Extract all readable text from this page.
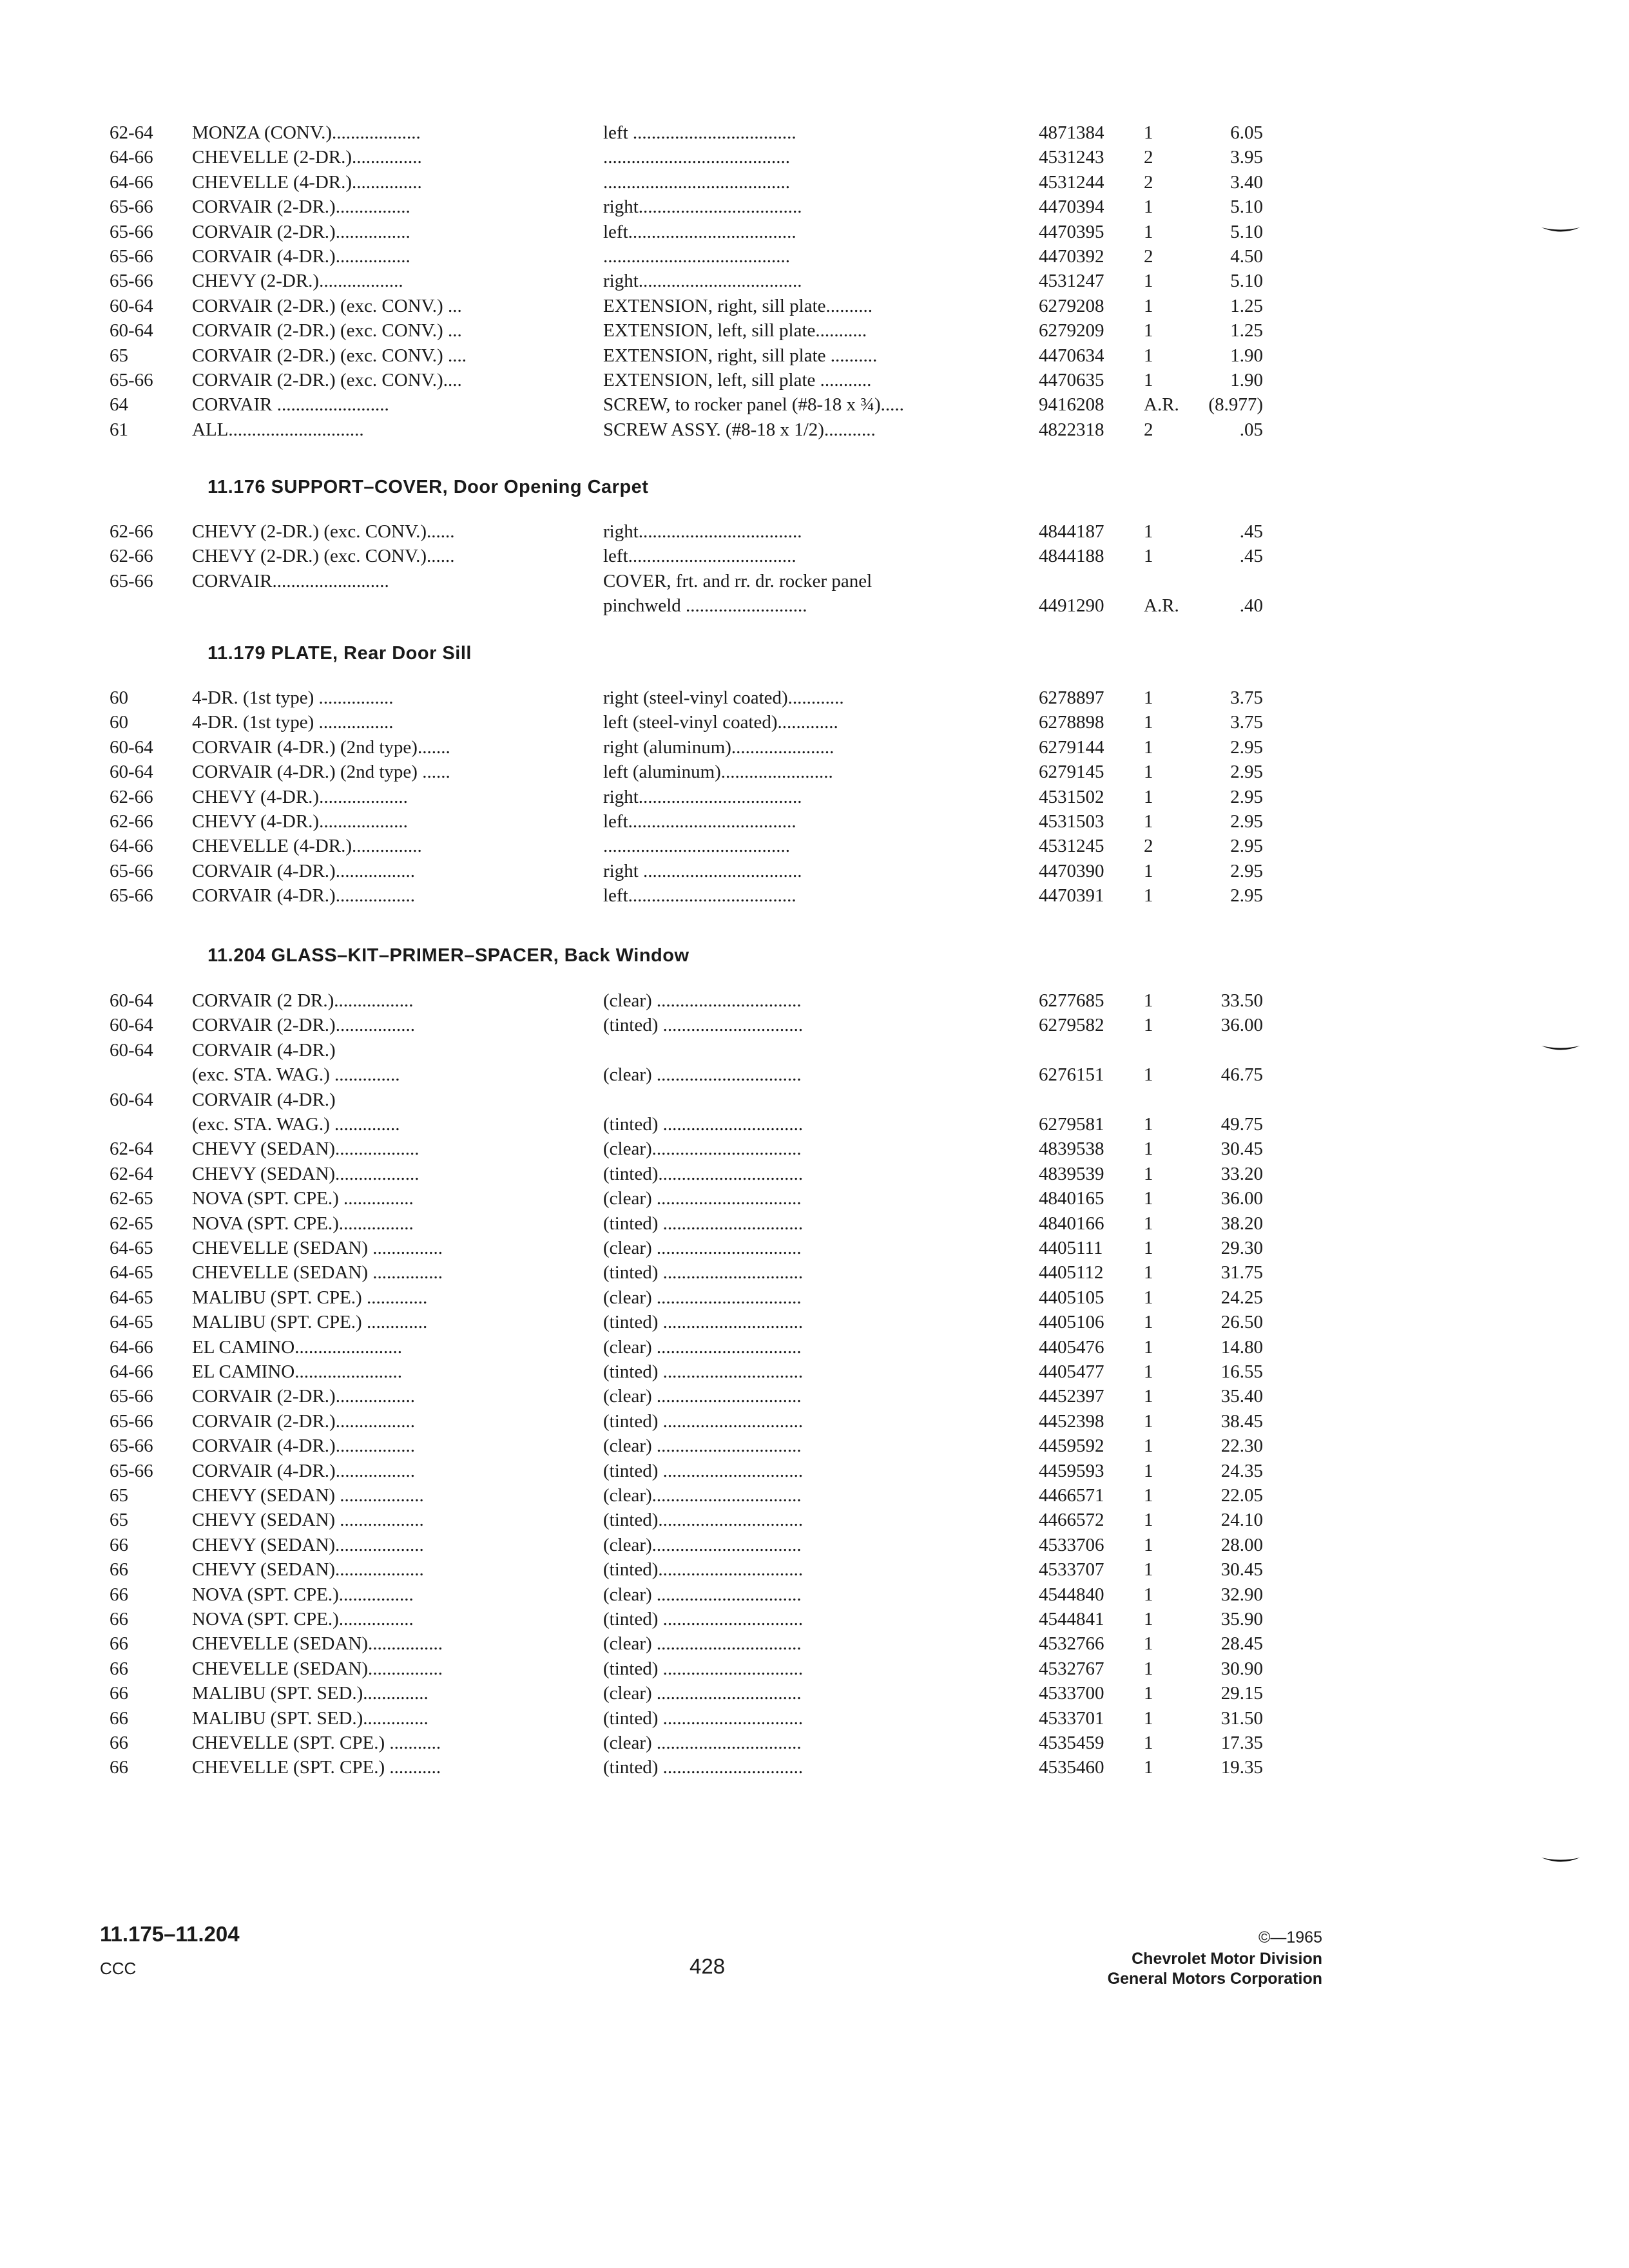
62-64	MONZA (CONV.)...................	left ...................................	4871384	1	6.05
64-66	CHEVELLE (2-DR.)...............	........................................	4531243	2	3.95
64-66	CHEVELLE (4-DR.)...............	........................................	4531244	2	3.40
65-66	CORVAIR (2-DR.)................	right...................................	4470394	1	5.10
65-66	CORVAIR (2-DR.)................	left....................................	4470395	1	5.10
65-66	CORVAIR (4-DR.)................	........................................	4470392	2	4.50
65-66	CHEVY (2-DR.)..................	right...................................	4531247	1	5.10
60-64	CORVAIR (2-DR.) (exc. CONV.) ...	EXTENSION, right, sill plate..........	6279208	1	1.25
60-64	CORVAIR (2-DR.) (exc. CONV.) ...	EXTENSION, left, sill plate...........	6279209	1	1.25
65	CORVAIR (2-DR.) (exc. CONV.) ....	EXTENSION, right, sill plate ..........	4470634	1	1.90
65-66	CORVAIR (2-DR.) (exc. CONV.)....	EXTENSION, left, sill plate ...........	4470635	1	1.90
64	CORVAIR ........................	SCREW, to rocker panel (#8-18 x ¾).....	9416208	A.R.	(8.977)
61	ALL.............................	SCREW ASSY. (#8-18 x 1/2)...........	4822318	2	.05
11.176 SUPPORT–COVER, Door Opening Carpet
62-66	CHEVY (2-DR.) (exc. CONV.)......	right...................................	4844187	1	.45
62-66	CHEVY (2-DR.) (exc. CONV.)......	left....................................	4844188	1	.45
65-66	CORVAIR.........................	COVER, frt. and rr. dr. rocker panel
pinchweld ..........................	4491290	A.R.	.40
11.179 PLATE, Rear Door Sill
60	4-DR. (1st type) ................	right (steel-vinyl coated)............	6278897	1	3.75
60	4-DR. (1st type) ................	left (steel-vinyl coated).............	6278898	1	3.75
60-64	CORVAIR (4-DR.) (2nd type).......	right (aluminum)......................	6279144	1	2.95
60-64	CORVAIR (4-DR.) (2nd type) ......	left (aluminum)........................	6279145	1	2.95
62-66	CHEVY (4-DR.)...................	right...................................	4531502	1	2.95
62-66	CHEVY (4-DR.)...................	left....................................	4531503	1	2.95
64-66	CHEVELLE (4-DR.)...............	........................................	4531245	2	2.95
65-66	CORVAIR (4-DR.).................	right ..................................	4470390	1	2.95
65-66	CORVAIR (4-DR.).................	left....................................	4470391	1	2.95
11.204 GLASS–KIT–PRIMER–SPACER, Back Window
60-64	CORVAIR (2 DR.).................	(clear) ...............................	6277685	1	33.50
60-64	CORVAIR (2-DR.).................	(tinted) ..............................	6279582	1	36.00
60-64	CORVAIR (4-DR.)
(exc. STA. WAG.) ..............	(clear) ...............................	6276151	1	46.75
60-64	CORVAIR (4-DR.)
(exc. STA. WAG.) ..............	(tinted) ..............................	6279581	1	49.75
62-64	CHEVY (SEDAN)..................	(clear)................................	4839538	1	30.45
62-64	CHEVY (SEDAN)..................	(tinted)...............................	4839539	1	33.20
62-65	NOVA (SPT. CPE.) ...............	(clear) ...............................	4840165	1	36.00
62-65	NOVA (SPT. CPE.)................	(tinted) ..............................	4840166	1	38.20
64-65	CHEVELLE (SEDAN) ...............	(clear) ...............................	4405111	1	29.30
64-65	CHEVELLE (SEDAN) ...............	(tinted) ..............................	4405112	1	31.75
64-65	MALIBU (SPT. CPE.) .............	(clear) ...............................	4405105	1	24.25
64-65	MALIBU (SPT. CPE.) .............	(tinted) ..............................	4405106	1	26.50
64-66	EL CAMINO.......................	(clear) ...............................	4405476	1	14.80
64-66	EL CAMINO.......................	(tinted) ..............................	4405477	1	16.55
65-66	CORVAIR (2-DR.).................	(clear) ...............................	4452397	1	35.40
65-66	CORVAIR (2-DR.).................	(tinted) ..............................	4452398	1	38.45
65-66	CORVAIR (4-DR.).................	(clear) ...............................	4459592	1	22.30
65-66	CORVAIR (4-DR.).................	(tinted) ..............................	4459593	1	24.35
65	CHEVY (SEDAN) ..................	(clear)................................	4466571	1	22.05
65	CHEVY (SEDAN) ..................	(tinted)...............................	4466572	1	24.10
66	CHEVY (SEDAN)...................	(clear)................................	4533706	1	28.00
66	CHEVY (SEDAN)...................	(tinted)...............................	4533707	1	30.45
66	NOVA (SPT. CPE.)................	(clear) ...............................	4544840	1	32.90
66	NOVA (SPT. CPE.)................	(tinted) ..............................	4544841	1	35.90
66	CHEVELLE (SEDAN)................	(clear) ...............................	4532766	1	28.45
66	CHEVELLE (SEDAN)................	(tinted) ..............................	4532767	1	30.90
66	MALIBU (SPT. SED.)..............	(clear) ...............................	4533700	1	29.15
66	MALIBU (SPT. SED.)..............	(tinted) ..............................	4533701	1	31.50
66	CHEVELLE (SPT. CPE.) ...........	(clear) ...............................	4535459	1	17.35
66	CHEVELLE (SPT. CPE.) ...........	(tinted) ..............................	4535460	1	19.35
11.175–11.204
CCC	428
©—1965
Chevrolet Motor Division
General Motors Corporation
